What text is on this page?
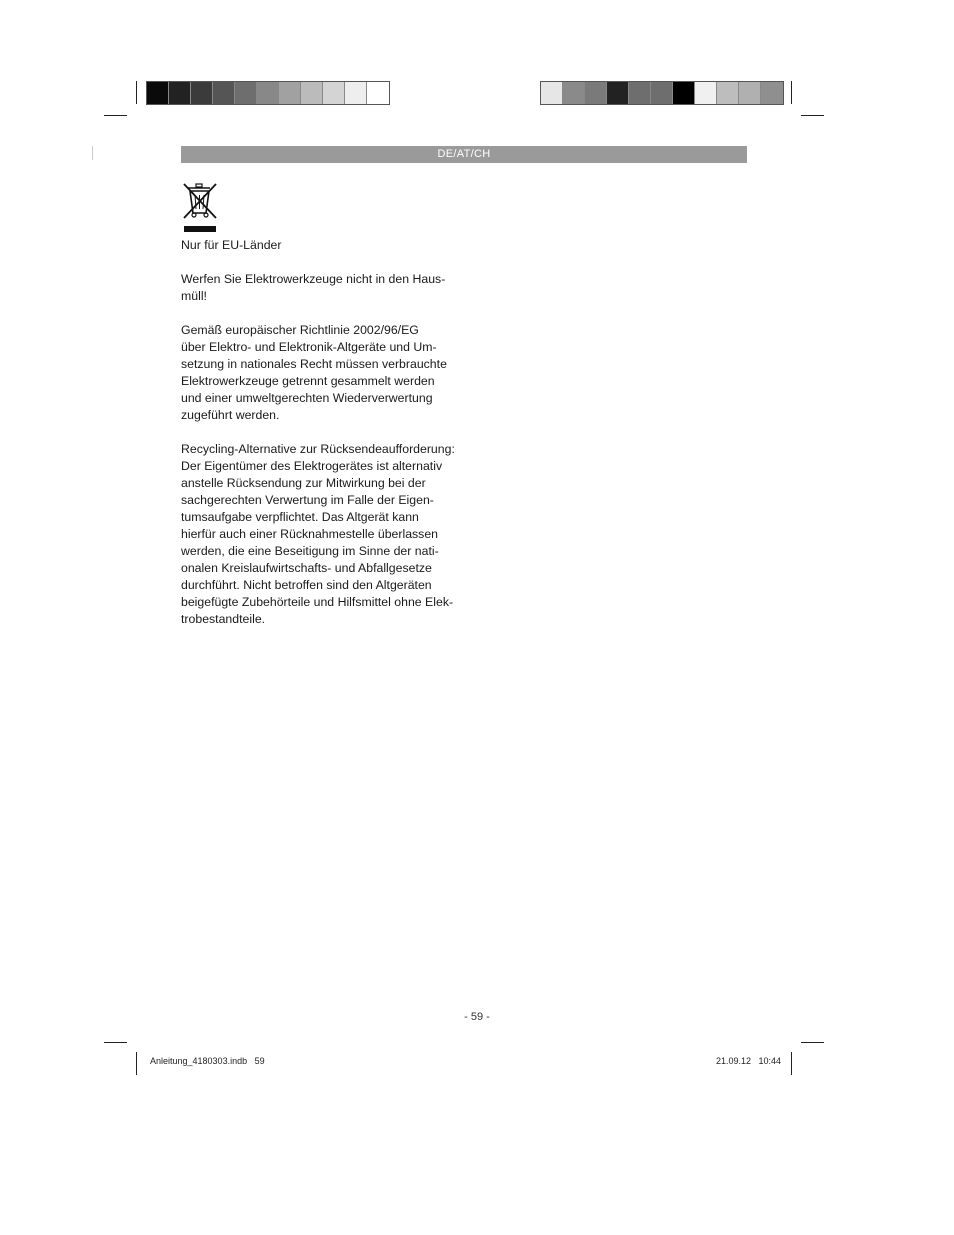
DE/AT/CH

Nur für EU-Länder

Werfen Sie Elektrowerkzeuge nicht in den Haus-
müll!
Gemäß europäischer Richtlinie 2002/96/EG
über Elektro- und Elektronik-Altgeräte und Um-
setzung in nationales Recht müssen verbrauchte
Elektrowerkzeuge getrennt gesammelt werden
und einer umweltgerechten Wiederverwertung
zugeführt werden.
Recycling-Alternative zur Rücksendeaufforderung:
Der Eigentümer des Elektrogerätes ist alternativ
anstelle Rücksendung zur Mitwirkung bei der
sachgerechten Verwertung im Falle der Eigen-
tumsaufgabe verpflichtet. Das Altgerät kann
hierfür auch einer Rücknahmestelle überlassen
werden, die eine Beseitigung im Sinne der nati-
onalen Kreislaufwirtschafts- und Abfallgesetze
durchführt. Nicht betroffen sind den Altgeräten
beigefügte Zubehörteile und Hilfsmittel ohne Elek-
trobestandteile.
- 59 -
Anleitung_4180303.indb   59	21.09.12   10:44
